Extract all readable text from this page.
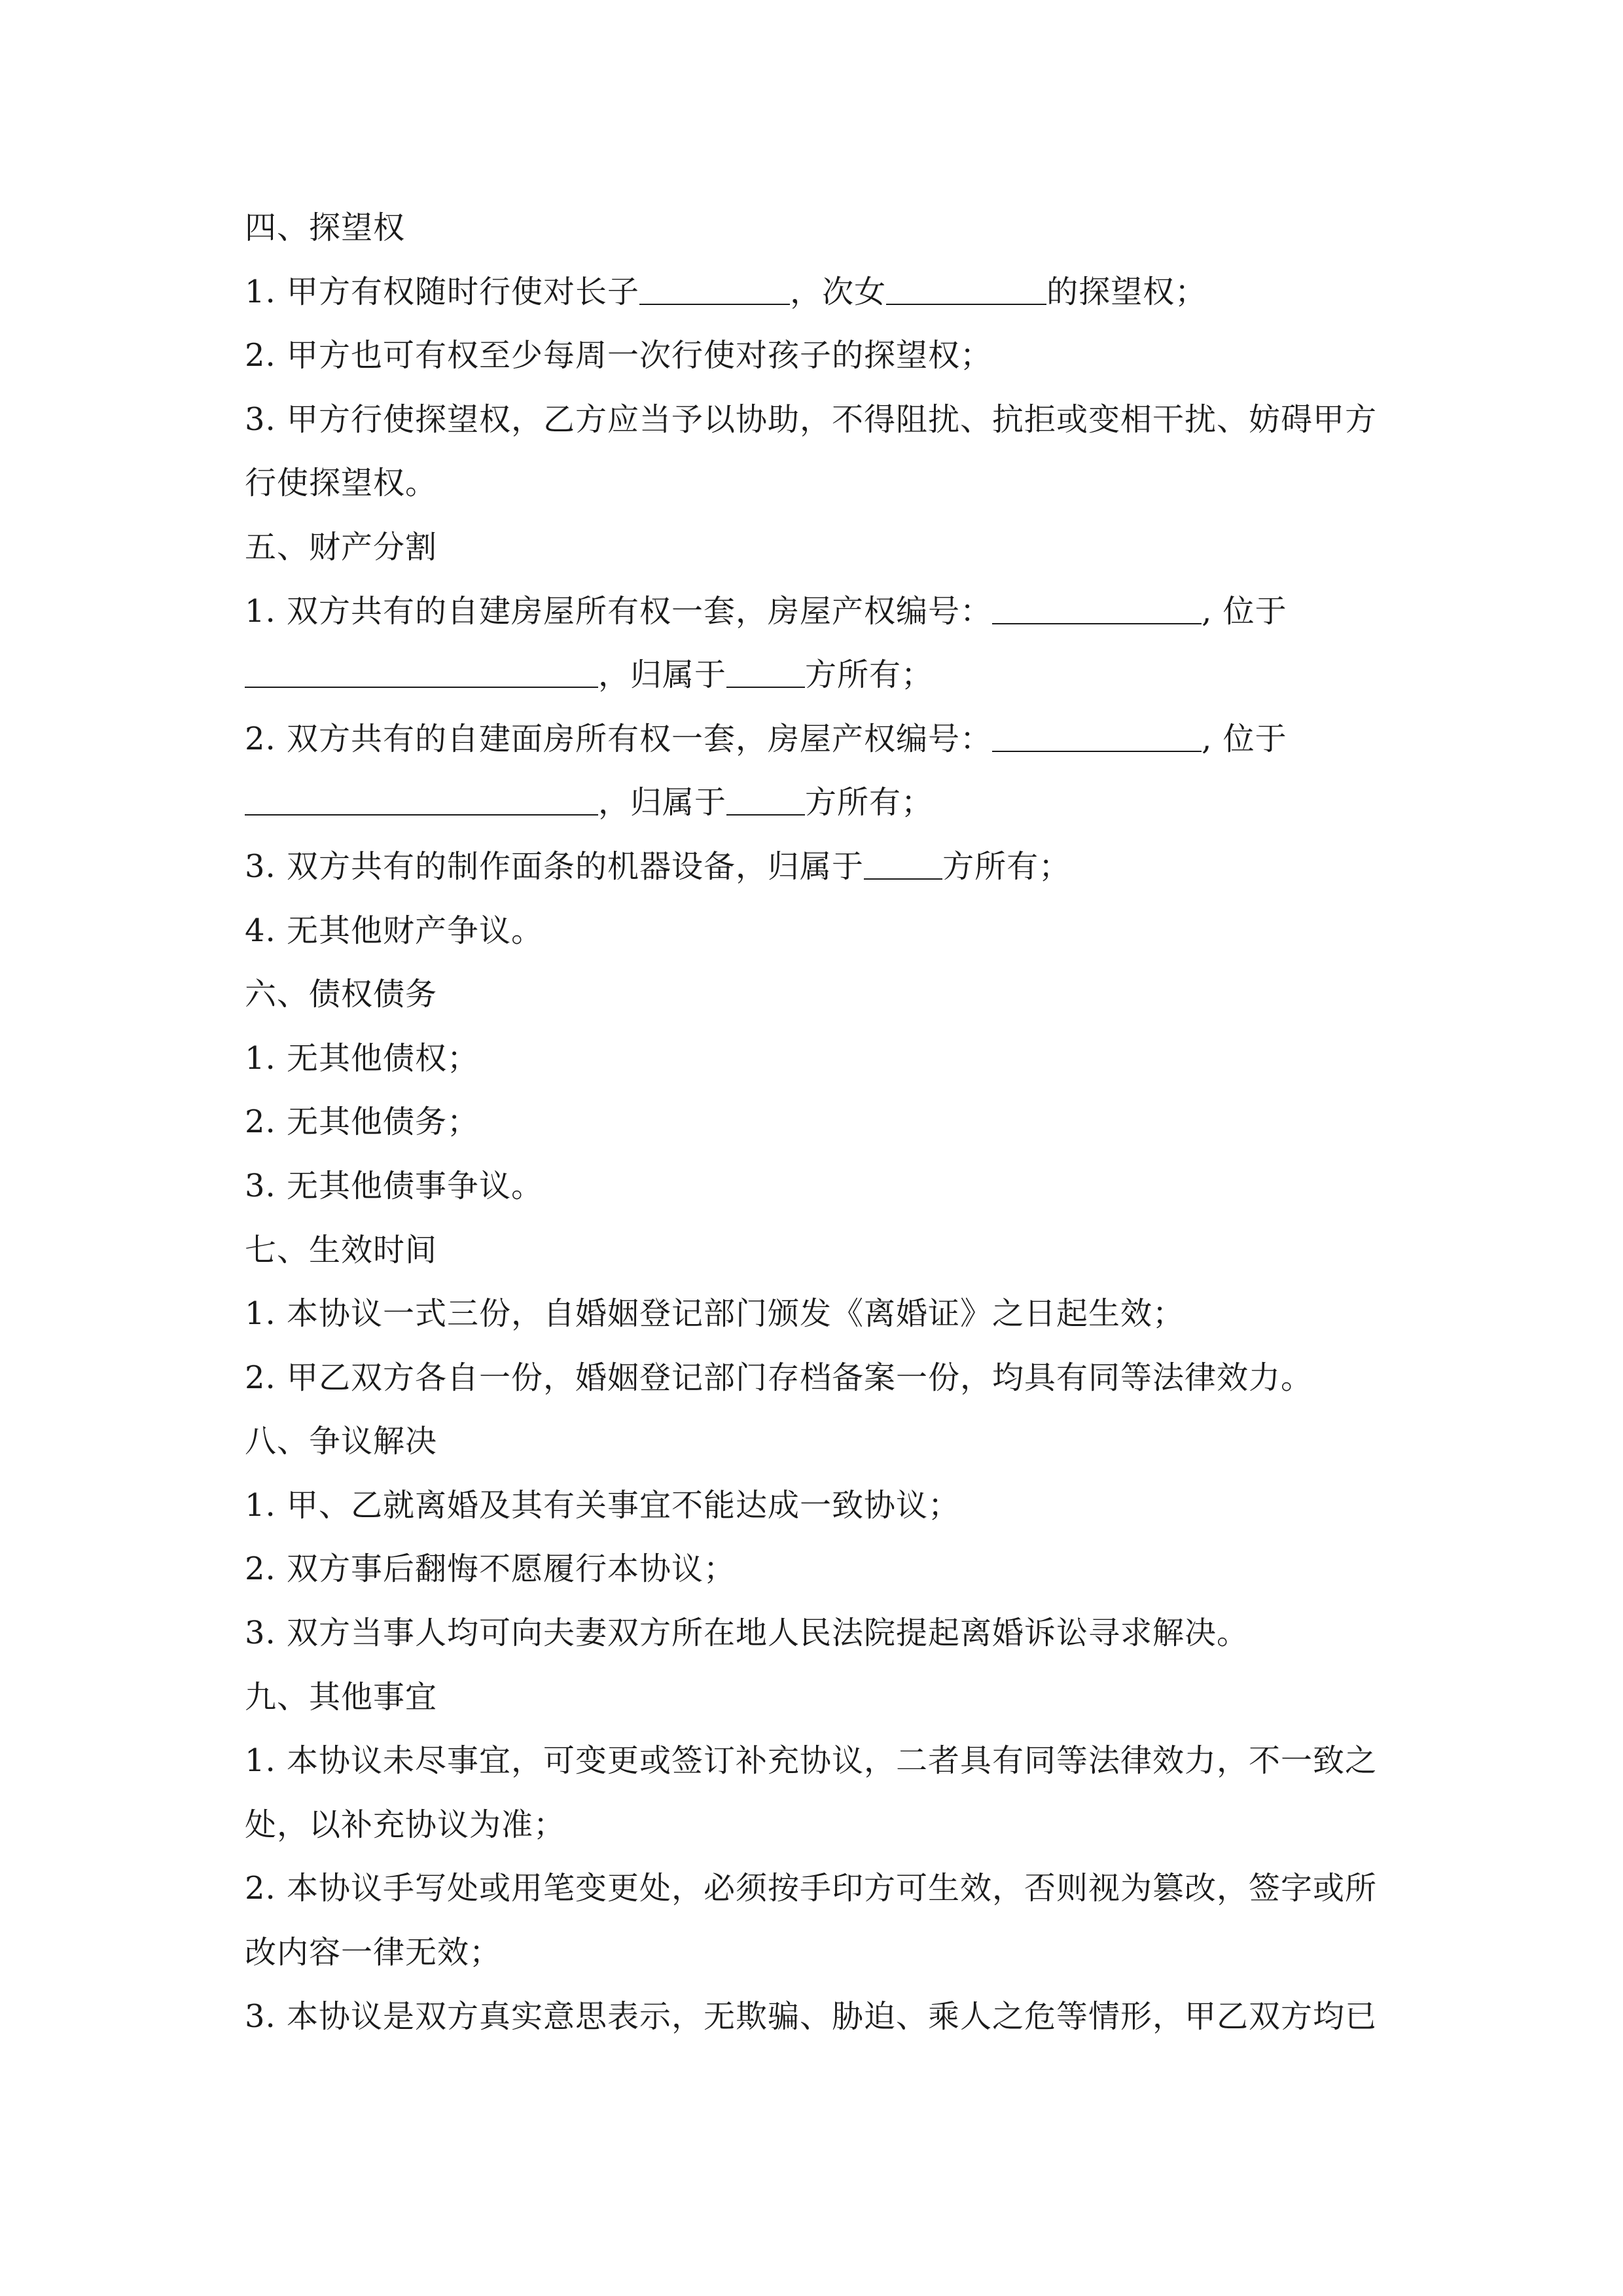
四、探望权
1. 甲方有权随时行使对长子	，次女	的探望权；
2. 甲方也可有权至少每周一次行使对孩子的探望权；
3. 甲方行使探望权，乙方应当予以协助，不得阻扰、抗拒或变相干扰、妨碍甲方
行使探望权。
五、财产分割
1. 双方共有的自建房屋所有权一套，房屋产权编号：	, 位于
，归属于	方所有；
2. 双方共有的自建面房所有权一套，房屋产权编号：	, 位于
，归属于	方所有；
3. 双方共有的制作面条的机器设备，归属于	方所有；
4. 无其他财产争议。
六、债权债务
1. 无其他债权；
2. 无其他债务；
3. 无其他债事争议。
七、生效时间
1. 本协议一式三份，自婚姻登记部门颁发《离婚证》之日起生效；
2. 甲乙双方各自一份，婚姻登记部门存档备案一份，均具有同等法律效力。
八、争议解决
1. 甲、乙就离婚及其有关事宜不能达成一致协议；
2. 双方事后翻悔不愿履行本协议；
3. 双方当事人均可向夫妻双方所在地人民法院提起离婚诉讼寻求解决。
九、其他事宜
1. 本协议未尽事宜，可变更或签订补充协议，二者具有同等法律效力，不一致之
处，以补充协议为准；
2. 本协议手写处或用笔变更处，必须按手印方可生效，否则视为篡改，签字或所
改内容一律无效；
3. 本协议是双方真实意思表示，无欺骗、胁迫、乘人之危等情形，甲乙双方均已
